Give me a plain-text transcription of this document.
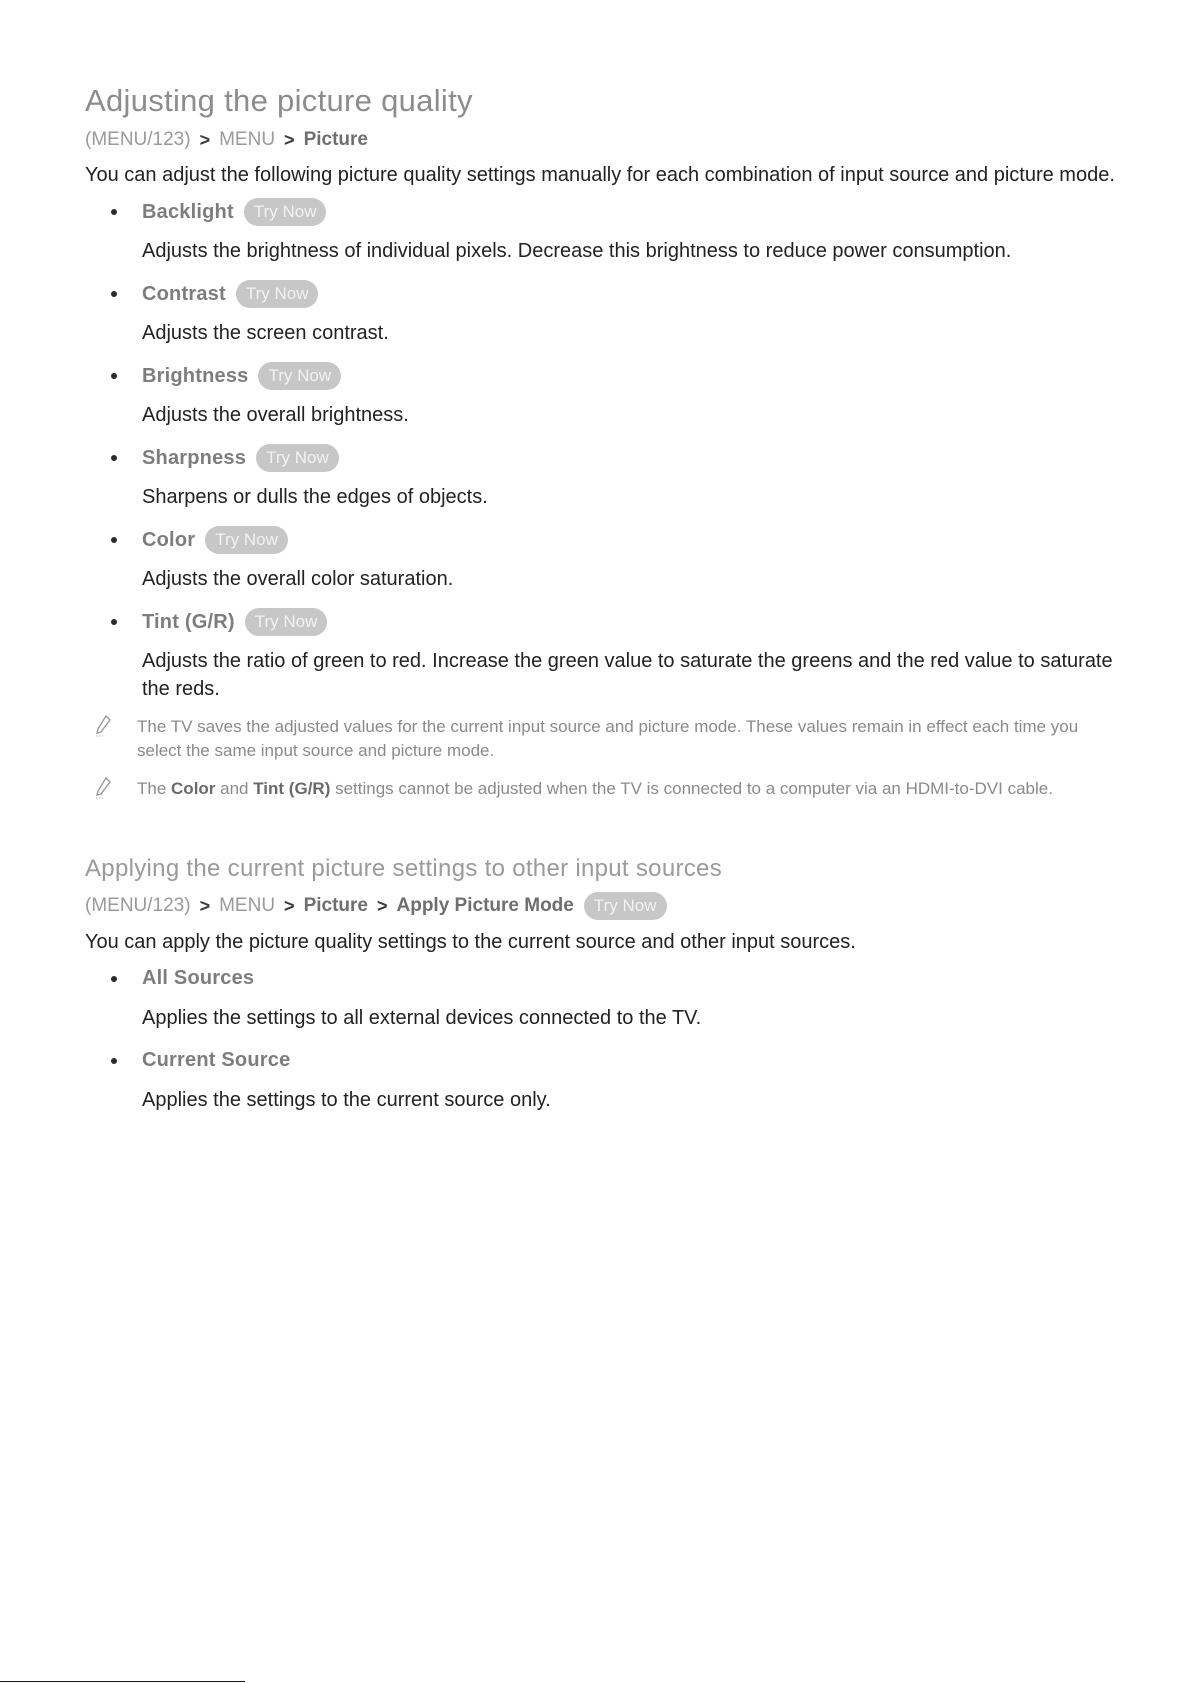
Adjusting the picture quality
(MENU/123) > MENU > Picture
You can adjust the following picture quality settings manually for each combination of input source and picture mode.
Backlight	Try Now
Adjusts the brightness of individual pixels. Decrease this brightness to reduce power consumption.
Contrast	Try Now
Adjusts the screen contrast.
Brightness	Try Now
Adjusts the overall brightness.
Sharpness	Try Now
Sharpens or dulls the edges of objects.
Color	Try Now
Adjusts the overall color saturation.
Tint (G/R)	Try Now
Adjusts the ratio of green to red. Increase the green value to saturate the greens and the red value to saturate the reds.
The TV saves the adjusted values for the current input source and picture mode. These values remain in effect each time you select the same input source and picture mode.
The Color and Tint (G/R) settings cannot be adjusted when the TV is connected to a computer via an HDMI-to-DVI cable.
Applying the current picture settings to other input sources
(MENU/123) > MENU > Picture > Apply Picture Mode	Try Now
You can apply the picture quality settings to the current source and other input sources.
All Sources
Applies the settings to all external devices connected to the TV.
Current Source
Applies the settings to the current source only.
